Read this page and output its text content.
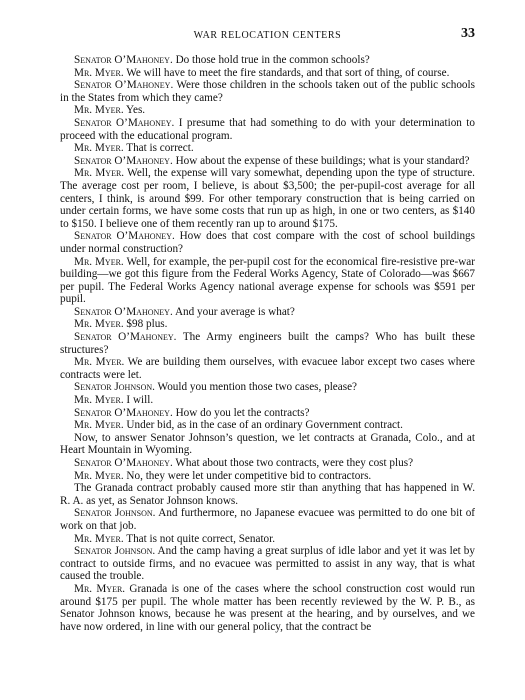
WAR RELOCATION CENTERS	33

Senator O’Mahoney. Do those hold true in the common schools?

Mr. Myer. We will have to meet the fire standards, and that sort of thing, of course.

Senator O’Mahoney. Were those children in the schools taken out of the public schools in the States from which they came?

Mr. Myer. Yes.

Senator O’Mahoney. I presume that had something to do with your determination to proceed with the educational program.

Mr. Myer. That is correct.

Senator O’Mahoney. How about the expense of these buildings; what is your standard?

Mr. Myer. Well, the expense will vary somewhat, depending upon the type of structure. The average cost per room, I believe, is about $3,500; the per-pupil-cost average for all centers, I think, is around $99. For other temporary construction that is being carried on under certain forms, we have some costs that run up as high, in one or two centers, as $140 to $150. I believe one of them recently ran up to around $175.

Senator O’Mahoney. How does that cost compare with the cost of school buildings under normal construction?

Mr. Myer. Well, for example, the per-pupil cost for the economical fire-resistive pre-war building—we got this figure from the Federal Works Agency, State of Colorado—was $667 per pupil. The Federal Works Agency national average expense for schools was $591 per pupil.

Senator O’Mahoney. And your average is what?

Mr. Myer. $98 plus.

Senator O’Mahoney. The Army engineers built the camps? Who has built these structures?

Mr. Myer. We are building them ourselves, with evacuee labor except two cases where contracts were let.

Senator Johnson. Would you mention those two cases, please?

Mr. Myer. I will.

Senator O’Mahoney. How do you let the contracts?

Mr. Myer. Under bid, as in the case of an ordinary Government contract.

Now, to answer Senator Johnson’s question, we let contracts at Granada, Colo., and at Heart Mountain in Wyoming.

Senator O’Mahoney. What about those two contracts, were they cost plus?

Mr. Myer. No, they were let under competitive bid to contractors.

The Granada contract probably caused more stir than anything that has happened in W. R. A. as yet, as Senator Johnson knows.

Senator Johnson. And furthermore, no Japanese evacuee was permitted to do one bit of work on that job.

Mr. Myer. That is not quite correct, Senator.

Senator Johnson. And the camp having a great surplus of idle labor and yet it was let by contract to outside firms, and no evacuee was permitted to assist in any way, that is what caused the trouble.

Mr. Myer. Granada is one of the cases where the school construction cost would run around $175 per pupil. The whole matter has been recently reviewed by the W. P. B., as Senator Johnson knows, because he was present at the hearing, and by ourselves, and we have now ordered, in line with our general policy, that the contract be
